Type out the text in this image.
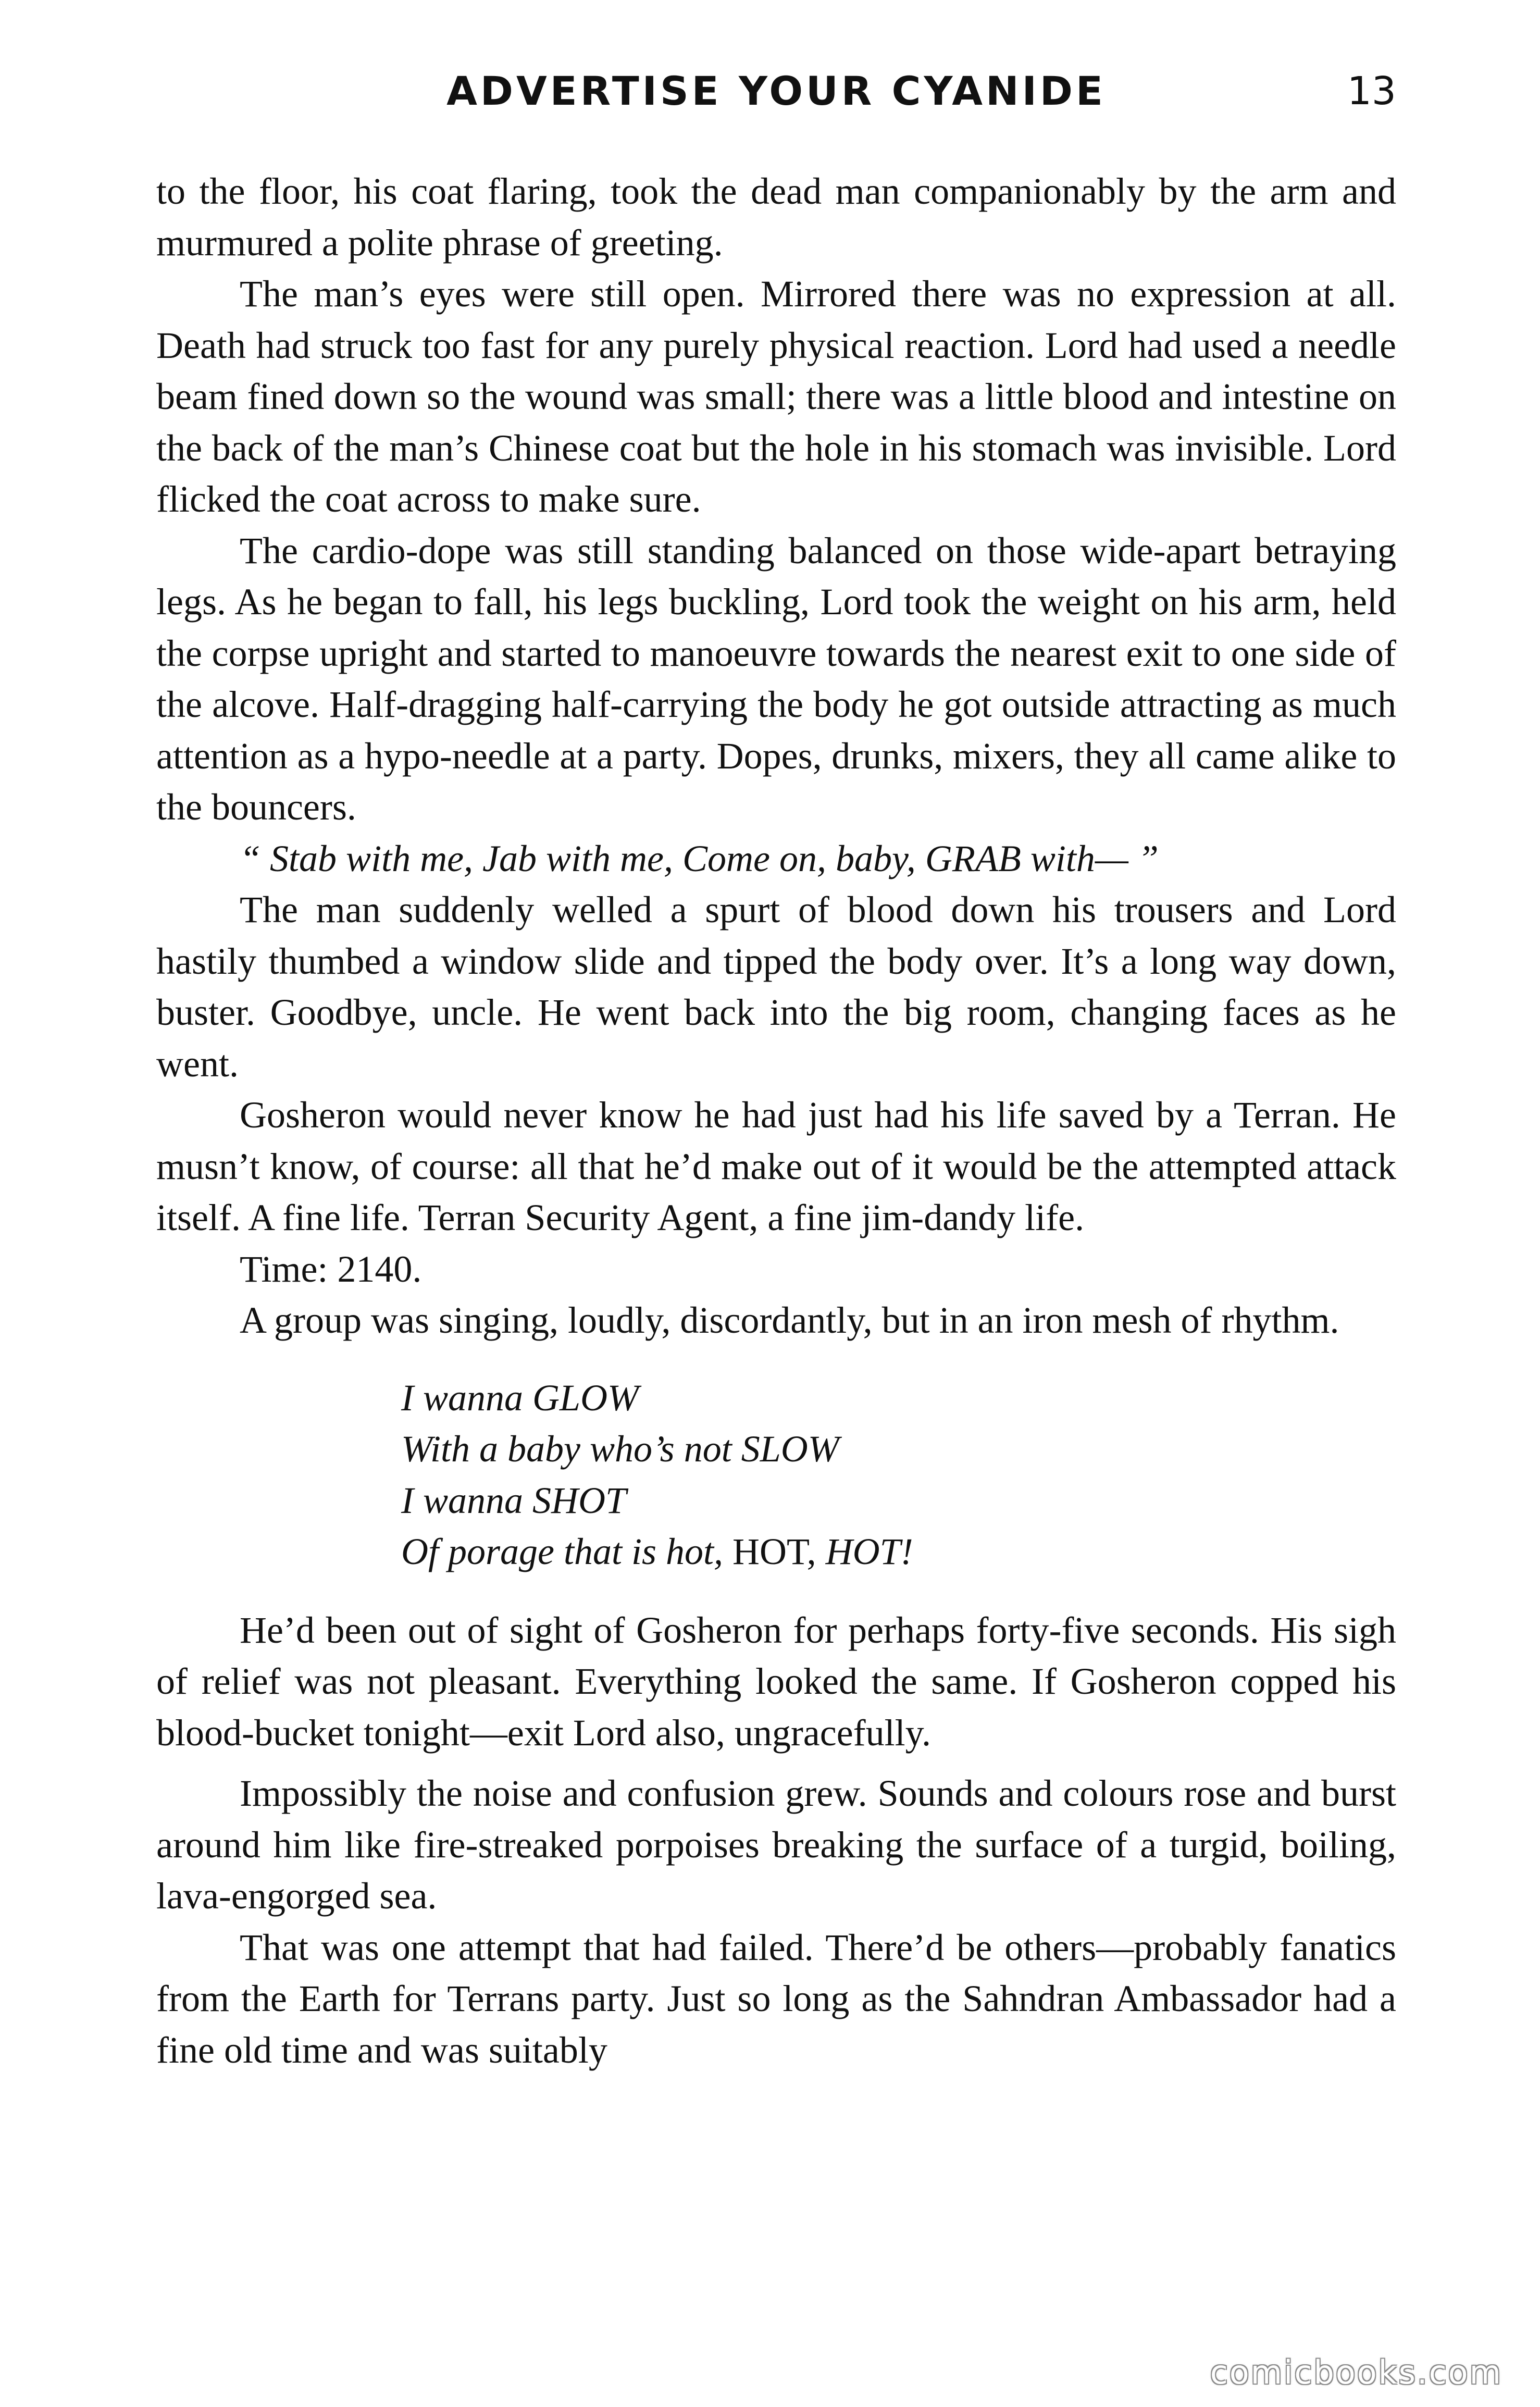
ADVERTISE YOUR CYANIDE	13

to the floor, his coat flaring, took the dead man companionably by the arm and murmured a polite phrase of greeting.

The man’s eyes were still open. Mirrored there was no expression at all. Death had struck too fast for any purely physical reaction. Lord had used a needle beam fined down so the wound was small; there was a little blood and intestine on the back of the man’s Chinese coat but the hole in his stomach was invisible. Lord flicked the coat across to make sure.

The cardio-dope was still standing balanced on those wide-apart betraying legs. As he began to fall, his legs buckling, Lord took the weight on his arm, held the corpse upright and started to manoeuvre towards the nearest exit to one side of the alcove. Half-dragging half-carrying the body he got outside attracting as much attention as a hypo-needle at a party. Dopes, drunks, mixers, they all came alike to the bouncers.

“ Stab with me, Jab with me, Come on, baby, GRAB with— ”

The man suddenly welled a spurt of blood down his trousers and Lord hastily thumbed a window slide and tipped the body over. It’s a long way down, buster. Goodbye, uncle. He went back into the big room, changing faces as he went.

Gosheron would never know he had just had his life saved by a Terran. He musn’t know, of course: all that he’d make out of it would be the attempted attack itself. A fine life. Terran Security Agent, a fine jim-dandy life.

Time: 2140.

A group was singing, loudly, discordantly, but in an iron mesh of rhythm.

I wanna GLOW
With a baby who’s not SLOW
I wanna SHOT
Of porage that is hot, HOT, HOT!

He’d been out of sight of Gosheron for perhaps forty-five seconds. His sigh of relief was not pleasant. Everything looked the same. If Gosheron copped his blood-bucket tonight—exit Lord also, ungracefully.

Impossibly the noise and confusion grew. Sounds and colours rose and burst around him like fire-streaked porpoises breaking the surface of a turgid, boiling, lava-engorged sea.

That was one attempt that had failed. There’d be others—probably fanatics from the Earth for Terrans party. Just so long as the Sahndran Ambassador had a fine old time and was suitably

comicbooks.com
